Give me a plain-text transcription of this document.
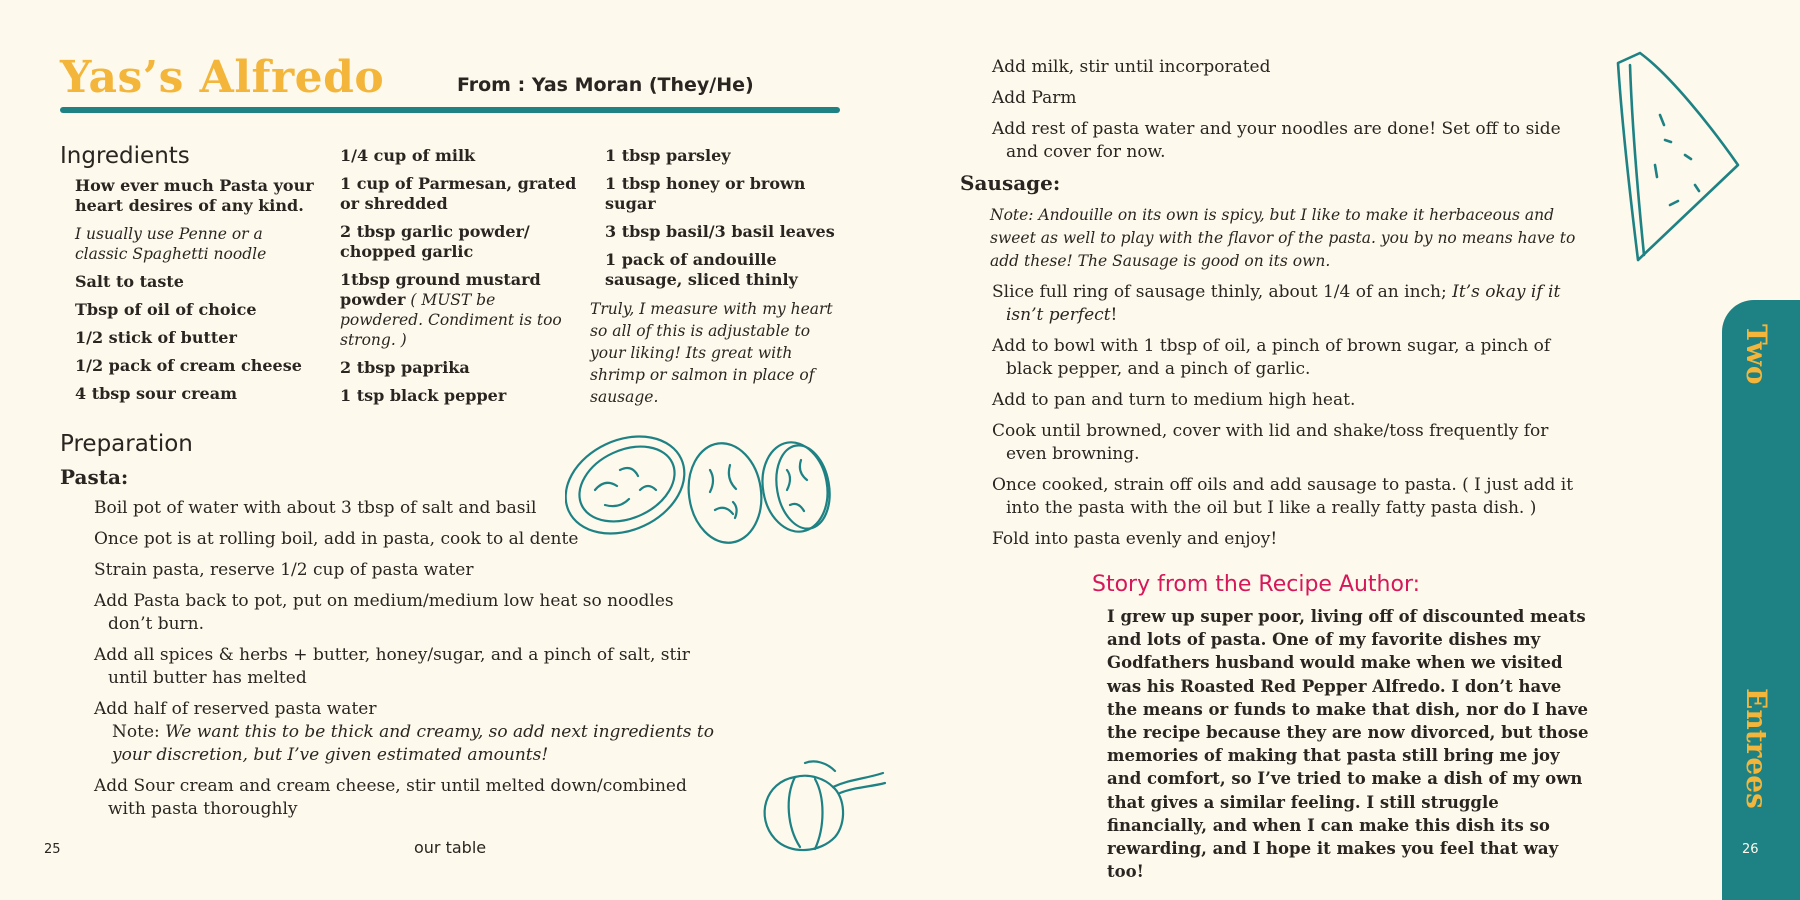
Yas’s Alfredo	From : Yas Moran (They/He)
Ingredients

How ever much Pasta your heart desires of any kind.

I usually use Penne or a classic Spaghetti noodle

Salt to taste

Tbsp of oil of choice

1/2 stick of butter

1/2 pack of cream cheese

4 tbsp sour cream

1/4 cup of milk

1 cup of Parmesan, grated or shredded

2 tbsp garlic powder/ chopped garlic

1tbsp ground mustard powder ( MUST be powdered. Condiment is too strong. )

2 tbsp paprika

1 tsp black pepper

1 tbsp parsley

1 tbsp honey or brown sugar

3 tbsp basil/3 basil leaves

1 pack of andouille sausage, sliced thinly

Truly, I measure with my heart so all of this is adjustable to your liking! Its great with shrimp or salmon in place of sausage.

Preparation
Pasta:

Boil pot of water with about 3 tbsp of salt and basil

Once pot is at rolling boil, add in pasta, cook to al dente

Strain pasta, reserve 1/2 cup of pasta water

Add Pasta back to pot, put on medium/medium low heat so noodles don’t burn.

Add all spices & herbs + butter, honey/sugar, and a pinch of salt, stir until butter has melted

Add half of reserved pasta water

Note: We want this to be thick and creamy, so add next ingredients to your discretion, but I’ve given estimated amounts!

Add Sour cream and cream cheese, stir until melted down/combined with pasta thoroughly

25	our table

Add milk, stir until incorporated

Add Parm

Add rest of pasta water and your noodles are done! Set off to side and cover for now.

Sausage:
Note: Andouille on its own is spicy, but I like to make it herbaceous and sweet as well to play with the flavor of the pasta. you by no means have to add these! The Sausage is good on its own.

Slice full ring of sausage thinly, about 1/4 of an inch; It’s okay if it isn’t perfect!

Add to bowl with 1 tbsp of oil, a pinch of brown sugar, a pinch of black pepper, and a pinch of garlic.

Add to pan and turn to medium high heat.

Cook until browned, cover with lid and shake/toss frequently for even browning.

Once cooked, strain off oils and add sausage to pasta. ( I just add it into the pasta with the oil but I like a really fatty pasta dish. )

Fold into pasta evenly and enjoy!

Story from the Recipe Author:

I grew up super poor, living off of discounted meats and lots of pasta. One of my favorite dishes my Godfathers husband would make when we visited was his Roasted Red Pepper Alfredo. I don’t have the means or funds to make that dish, nor do I have the recipe because they are now divorced, but those memories of making that pasta still bring me joy and comfort, so I’ve tried to make a dish of my own that gives a similar feeling. I still struggle financially, and when I can make this dish its so rewarding, and I hope it makes you feel that way too!

Two
Entrees
26
